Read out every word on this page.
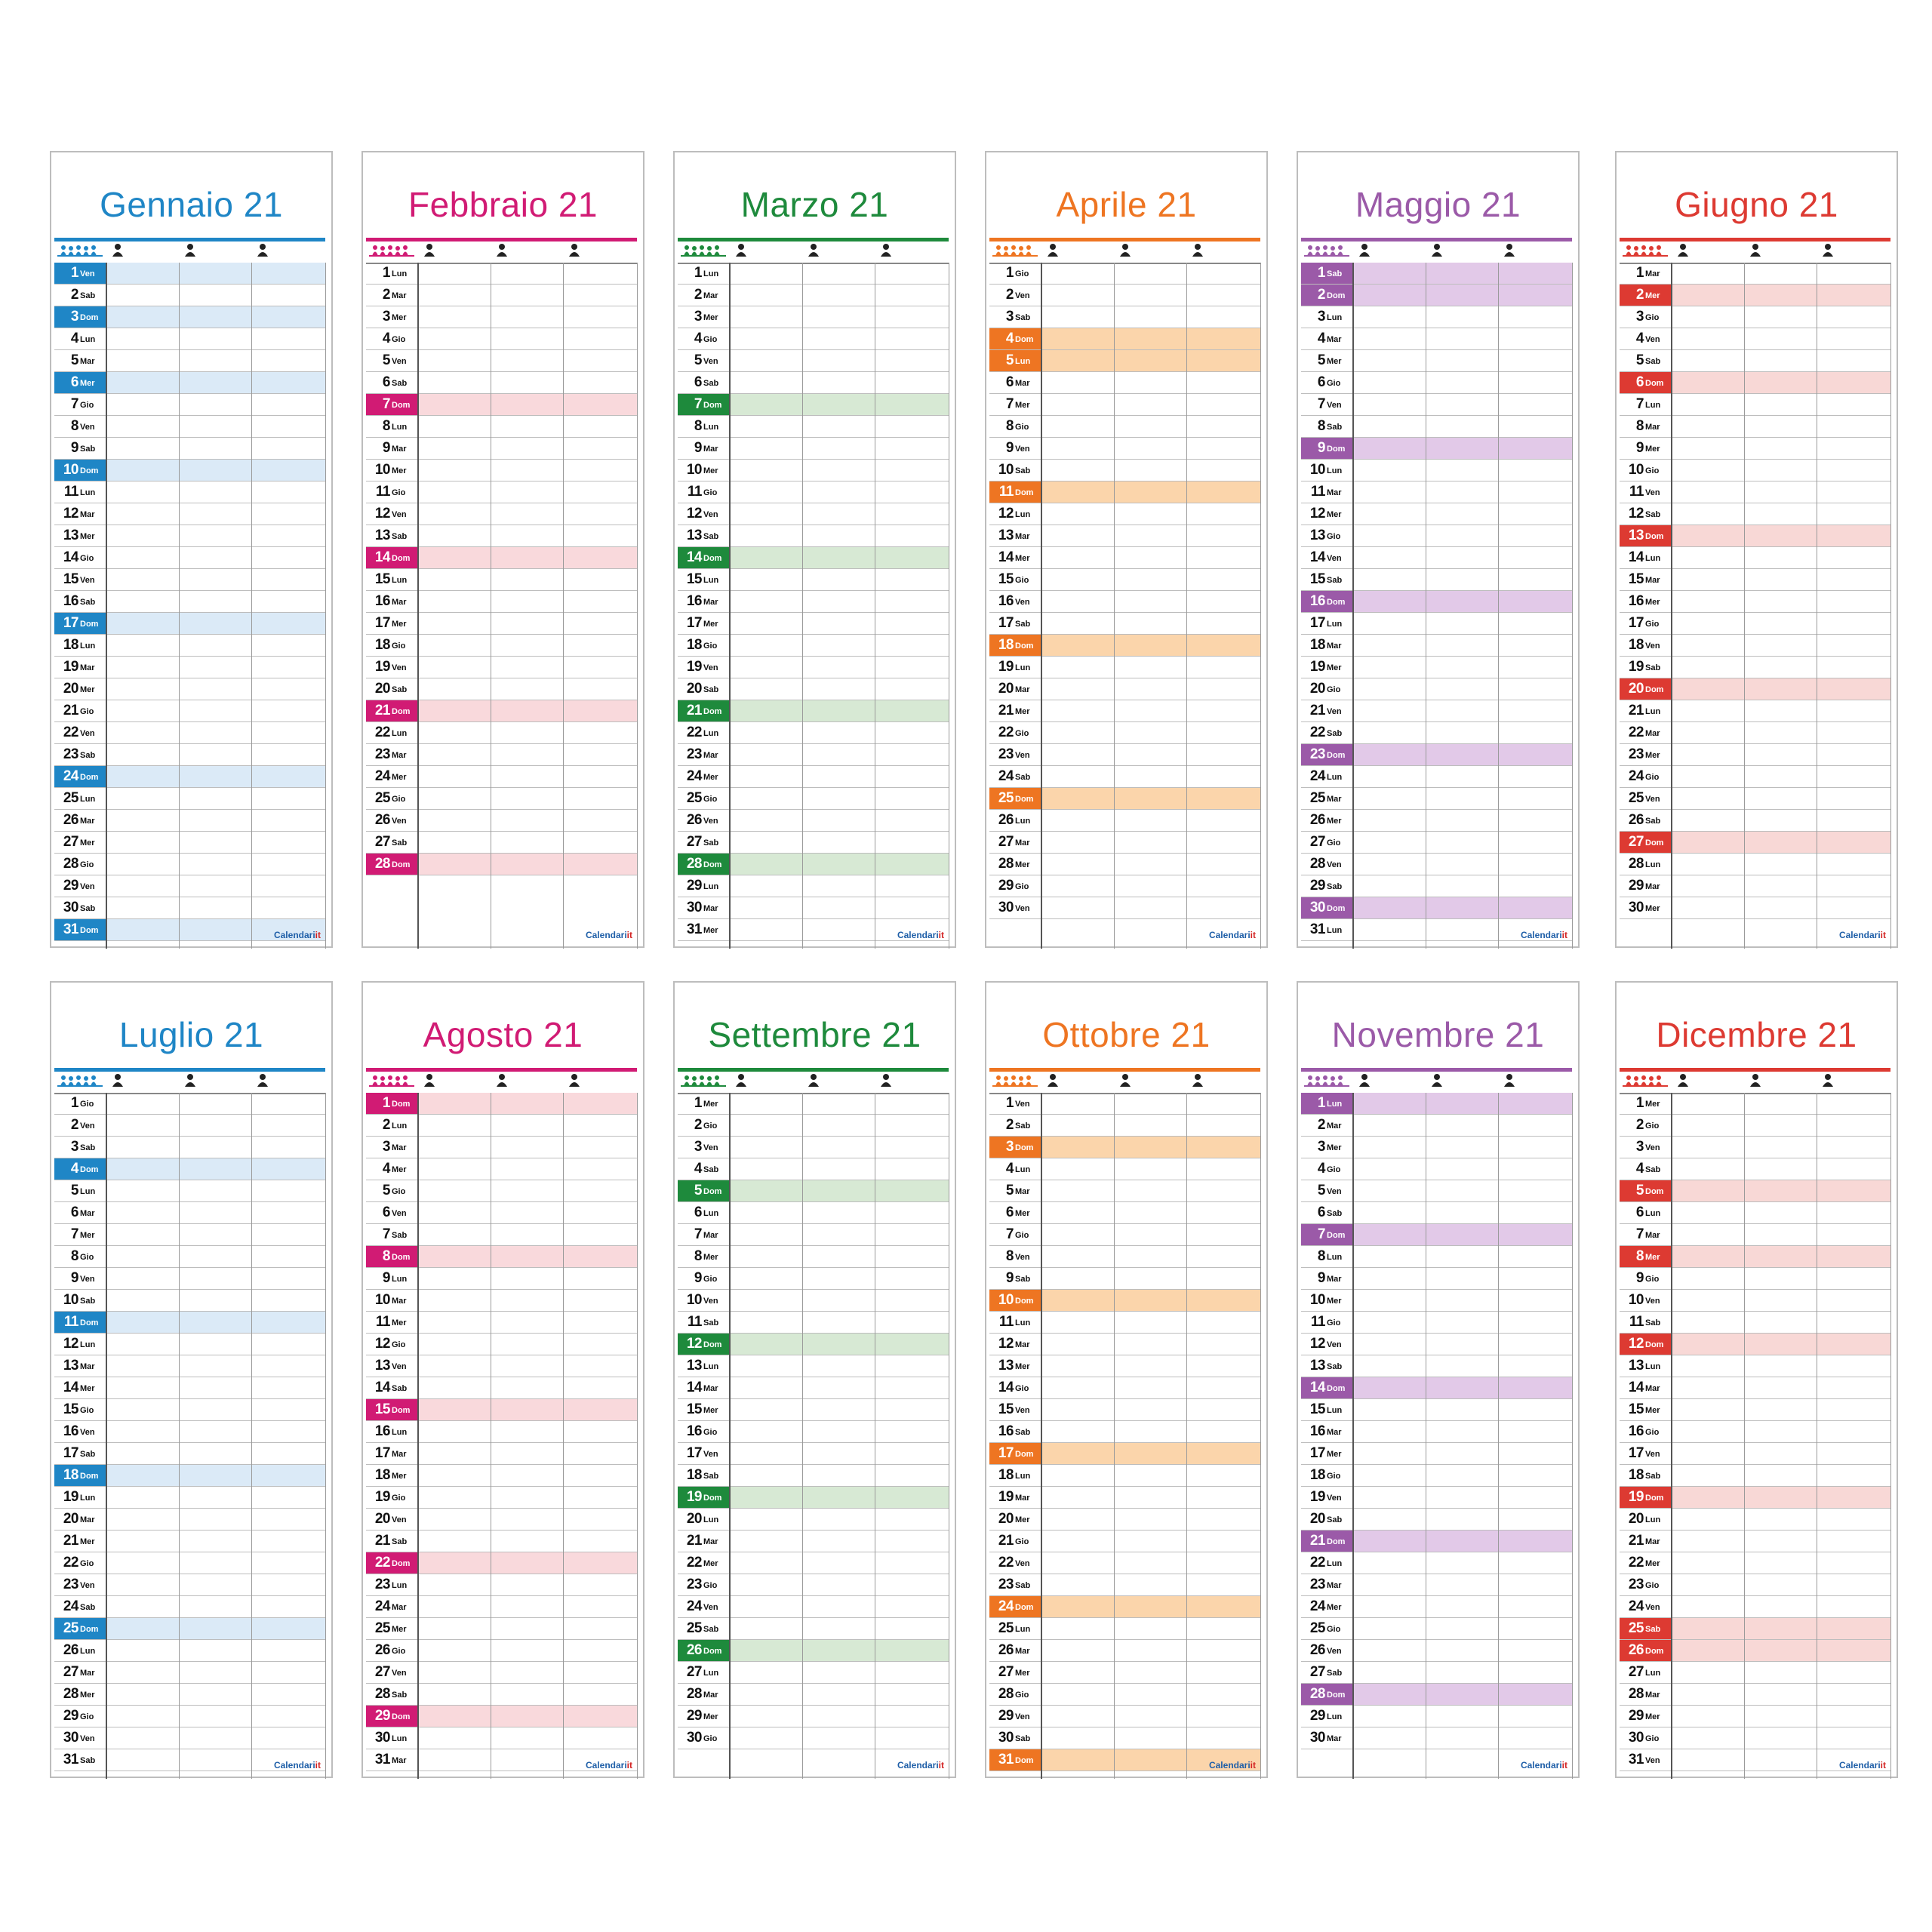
Gennaio 21
1 Ven
2 Sab
3 Dom
4 Lun
5 Mar
6 Mer
7 Gio
8 Ven
9 Sab
10 Dom
11 Lun
12 Mar
13 Mer
14 Gio
15 Ven
16 Sab
17 Dom
18 Lun
19 Mar
20 Mer
21 Gio
22 Ven
23 Sab
24 Dom
25 Lun
26 Mar
27 Mer
28 Gio
29 Ven
30 Sab
31 Dom	Calendariit
Febbraio 21
1 Lun
2 Mar
3 Mer
4 Gio
5 Ven
6 Sab
7 Dom
8 Lun
9 Mar
10 Mer
11 Gio
12 Ven
13 Sab
14 Dom
15 Lun
16 Mar
17 Mer
18 Gio
19 Ven
20 Sab
21 Dom
22 Lun
23 Mar
24 Mer
25 Gio
26 Ven
27 Sab
28 Dom
Calendariit
Marzo 21
1 Lun
2 Mar
3 Mer
4 Gio
5 Ven
6 Sab
7 Dom
8 Lun
9 Mar
10 Mer
11 Gio
12 Ven
13 Sab
14 Dom
15 Lun
16 Mar
17 Mer
18 Gio
19 Ven
20 Sab
21 Dom
22 Lun
23 Mar
24 Mer
25 Gio
26 Ven
27 Sab
28 Dom
29 Lun
30 Mar
31 Mer	Calendariit
Aprile 21
1 Gio
2 Ven
3 Sab
4 Dom
5 Lun
6 Mar
7 Mer
8 Gio
9 Ven
10 Sab
11 Dom
12 Lun
13 Mar
14 Mer
15 Gio
16 Ven
17 Sab
18 Dom
19 Lun
20 Mar
21 Mer
22 Gio
23 Ven
24 Sab
25 Dom
26 Lun
27 Mar
28 Mer
29 Gio
30 Ven
Calendariit
Maggio 21
1 Sab
2 Dom
3 Lun
4 Mar
5 Mer
6 Gio
7 Ven
8 Sab
9 Dom
10 Lun
11 Mar
12 Mer
13 Gio
14 Ven
15 Sab
16 Dom
17 Lun
18 Mar
19 Mer
20 Gio
21 Ven
22 Sab
23 Dom
24 Lun
25 Mar
26 Mer
27 Gio
28 Ven
29 Sab
30 Dom
31 Lun	Calendariit
Giugno 21
1 Mar
2 Mer
3 Gio
4 Ven
5 Sab
6 Dom
7 Lun
8 Mar
9 Mer
10 Gio
11 Ven
12 Sab
13 Dom
14 Lun
15 Mar
16 Mer
17 Gio
18 Ven
19 Sab
20 Dom
21 Lun
22 Mar
23 Mer
24 Gio
25 Ven
26 Sab
27 Dom
28 Lun
29 Mar
30 Mer
Calendariit
Luglio 21
1 Gio
2 Ven
3 Sab
4 Dom
5 Lun
6 Mar
7 Mer
8 Gio
9 Ven
10 Sab
11 Dom
12 Lun
13 Mar
14 Mer
15 Gio
16 Ven
17 Sab
18 Dom
19 Lun
20 Mar
21 Mer
22 Gio
23 Ven
24 Sab
25 Dom
26 Lun
27 Mar
28 Mer
29 Gio
30 Ven
31 Sab	Calendariit
Agosto 21
1 Dom
2 Lun
3 Mar
4 Mer
5 Gio
6 Ven
7 Sab
8 Dom
9 Lun
10 Mar
11 Mer
12 Gio
13 Ven
14 Sab
15 Dom
16 Lun
17 Mar
18 Mer
19 Gio
20 Ven
21 Sab
22 Dom
23 Lun
24 Mar
25 Mer
26 Gio
27 Ven
28 Sab
29 Dom
30 Lun
31 Mar	Calendariit
Settembre 21
1 Mer
2 Gio
3 Ven
4 Sab
5 Dom
6 Lun
7 Mar
8 Mer
9 Gio
10 Ven
11 Sab
12 Dom
13 Lun
14 Mar
15 Mer
16 Gio
17 Ven
18 Sab
19 Dom
20 Lun
21 Mar
22 Mer
23 Gio
24 Ven
25 Sab
26 Dom
27 Lun
28 Mar
29 Mer
30 Gio
Calendariit
Ottobre 21
1 Ven
2 Sab
3 Dom
4 Lun
5 Mar
6 Mer
7 Gio
8 Ven
9 Sab
10 Dom
11 Lun
12 Mar
13 Mer
14 Gio
15 Ven
16 Sab
17 Dom
18 Lun
19 Mar
20 Mer
21 Gio
22 Ven
23 Sab
24 Dom
25 Lun
26 Mar
27 Mer
28 Gio
29 Ven
30 Sab
31 Dom	Calendariit
Novembre 21
1 Lun
2 Mar
3 Mer
4 Gio
5 Ven
6 Sab
7 Dom
8 Lun
9 Mar
10 Mer
11 Gio
12 Ven
13 Sab
14 Dom
15 Lun
16 Mar
17 Mer
18 Gio
19 Ven
20 Sab
21 Dom
22 Lun
23 Mar
24 Mer
25 Gio
26 Ven
27 Sab
28 Dom
29 Lun
30 Mar
Calendariit
Dicembre 21
1 Mer
2 Gio
3 Ven
4 Sab
5 Dom
6 Lun
7 Mar
8 Mer
9 Gio
10 Ven
11 Sab
12 Dom
13 Lun
14 Mar
15 Mer
16 Gio
17 Ven
18 Sab
19 Dom
20 Lun
21 Mar
22 Mer
23 Gio
24 Ven
25 Sab
26 Dom
27 Lun
28 Mar
29 Mer
30 Gio
31 Ven	Calendariit
